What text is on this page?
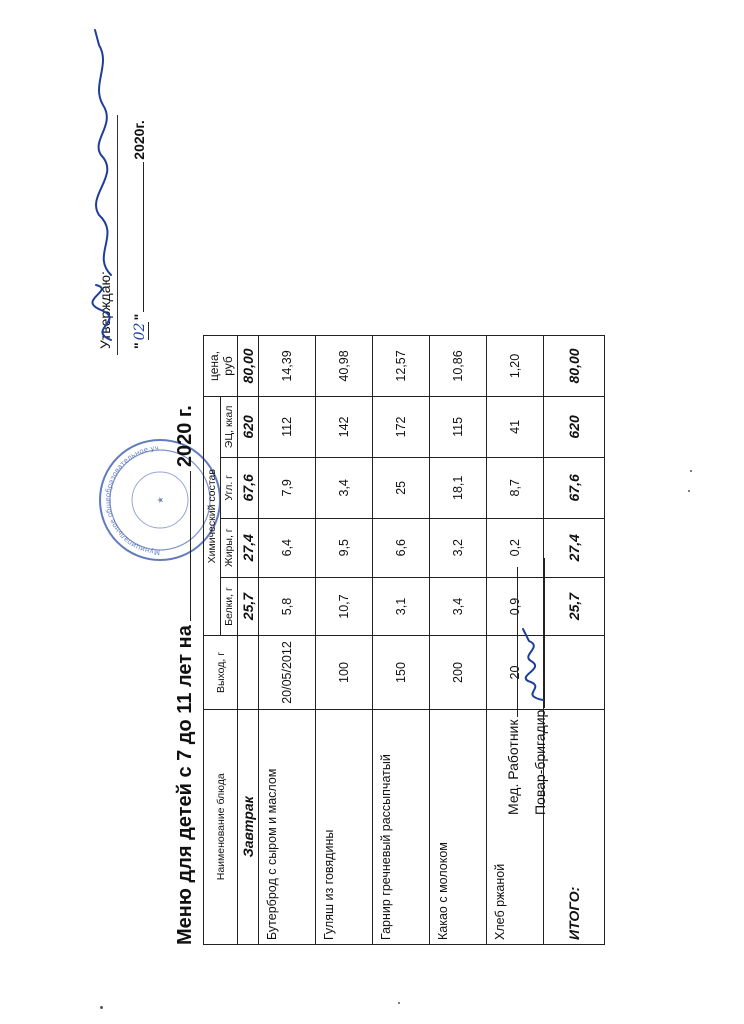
Утверждаю: "02"2020г.
Муниципальное общеобразовательное уч
★
Меню для детей с 7 до 11 лет на2020 г.
Наименование блюда	Выход, г	Химический состав				цена, руб
		Белки, г	Жиры, г	Угл. г	ЭЦ, ккал	
Завтрак		25,7	27,4	67,6	620	80,00
Бутерброд с сыром и маслом	20/05/2012	5,8	6,4	7,9	112	14,39
Гуляш из говядины	100	10,7	9,5	3,4	142	40,98
Гарнир гречневый рассыпчатый	150	3,1	6,6	25	172	12,57
Какао с молоком	200	3,4	3,2	18,1	115	10,86
Хлеб ржаной	20	0,9	0,2	8,7	41	1,20
ИТОГО:		25,7	27,4	67,6	620	80,00
Мед. Работник Повар-бригадир
